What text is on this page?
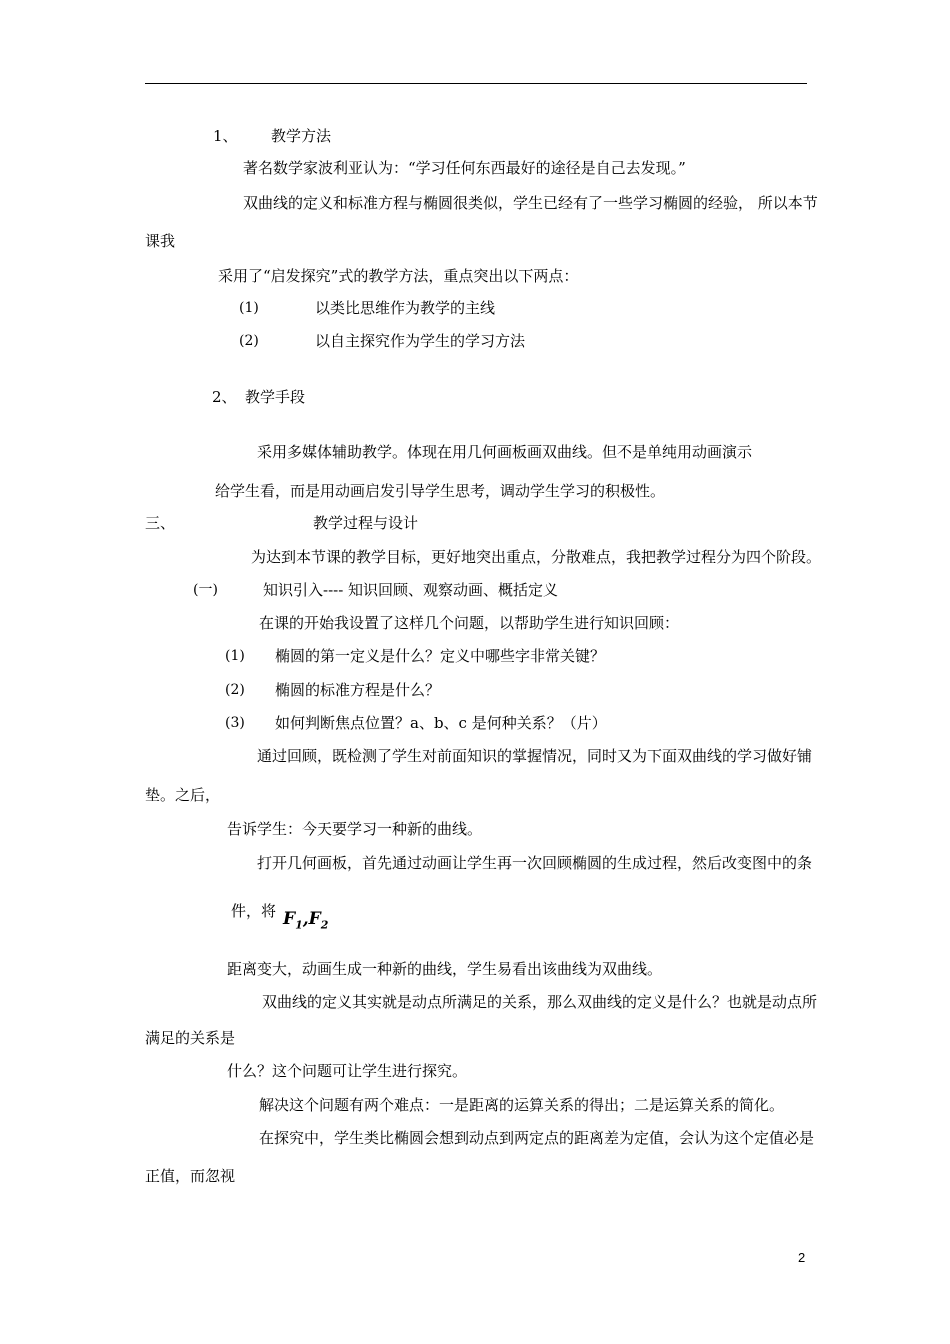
1、 教学方法
著名数学家波利亚认为：“学习任何东西最好的途径是自己去发现。”
双曲线的定义和标准方程与椭圆很类似，学生已经有了一些学习椭圆的经验， 所以本节
课我
采用了“启发探究”式的教学方法，重点突出以下两点：
(1)	以类比思维作为教学的主线
(2)	以自主探究作为学生的学习方法
2、 教学手段
采用多媒体辅助教学。体现在用几何画板画双曲线。但不是单纯用动画演示
给学生看，而是用动画启发引导学生思考，调动学生学习的积极性。
三、	教学过程与设计
为达到本节课的教学目标，更好地突出重点，分散难点，我把教学过程分为四个阶段。
(一)	知识引入---- 知识回顾、观察动画、概括定义
在课的开始我设置了这样几个问题，以帮助学生进行知识回顾：
(1) 椭圆的第一定义是什么？定义中哪些字非常关键？
(2) 椭圆的标准方程是什么？
(3) 如何判断焦点位置？a、b、c 是何种关系？（片）
通过回顾，既检测了学生对前面知识的掌握情况，同时又为下面双曲线的学习做好铺
垫。之后，
告诉学生：今天要学习一种新的曲线。
打开几何画板，首先通过动画让学生再一次回顾椭圆的生成过程，然后改变图中的条
件，将 $F_1,F_2$
距离变大，动画生成一种新的曲线，学生易看出该曲线为双曲线。
双曲线的定义其实就是动点所满足的关系，那么双曲线的定义是什么？也就是动点所
满足的关系是
什么？这个问题可让学生进行探究。
解决这个问题有两个难点：一是距离的运算关系的得出；二是运算关系的简化。
在探究中，学生类比椭圆会想到动点到两定点的距离差为定值，会认为这个定值必是
正值，而忽视
2
